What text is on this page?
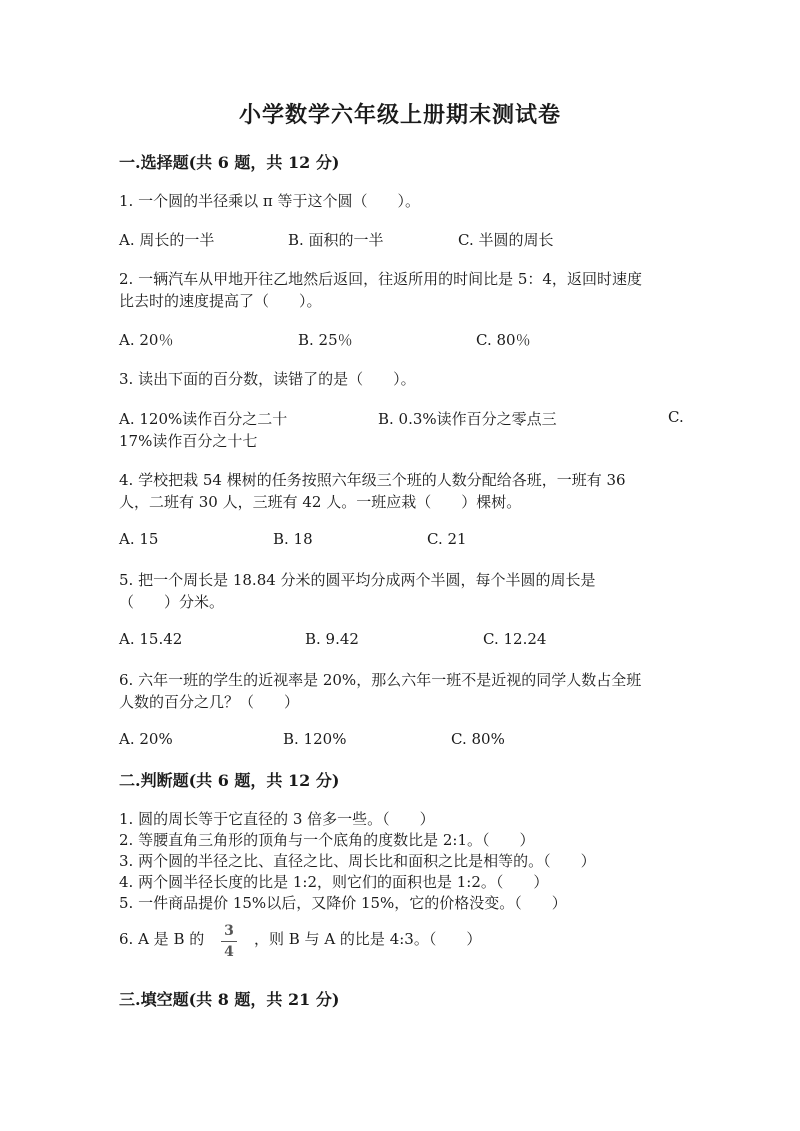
小学数学六年级上册期末测试卷
一.选择题(共 6 题，共 12 分)
1. 一个圆的半径乘以 π 等于这个圆（　　）。
A. 周长的一半	B. 面积的一半	C. 半圆的周长
2. 一辆汽车从甲地开往乙地然后返回，往返所用的时间比是 5：4，返回时速度
比去时的速度提高了（　　）。
A. 20％	B. 25％	C. 80％
3. 读出下面的百分数，读错了的是（　　）。
A. 120%读作百分之二十	B. 0.3%读作百分之零点三	C.
17%读作百分之十七
4. 学校把栽 54 棵树的任务按照六年级三个班的人数分配给各班，一班有 36
人，二班有 30 人，三班有 42 人。一班应栽（　　）棵树。
A. 15	B. 18	C. 21
5. 把一个周长是 18.84 分米的圆平均分成两个半圆，每个半圆的周长是
（　　）分米。
A. 15.42	B. 9.42	C. 12.24
6. 六年一班的学生的近视率是 20%，那么六年一班不是近视的同学人数占全班
人数的百分之几？（　　）
A. 20%	B. 120%	C. 80%
二.判断题(共 6 题，共 12 分)
1. 圆的周长等于它直径的 3 倍多一些。（　　）
2. 等腰直角三角形的顶角与一个底角的度数比是 2:1。（　　）
3. 两个圆的半径之比、直径之比、周长比和面积之比是相等的。（　　）
4. 两个圆半径长度的比是 1:2，则它们的面积也是 1:2。（　　）
5. 一件商品提价 15%以后，又降价 15%，它的价格没变。（　　）
6. A 是 B 的 3
4
，则 B 与 A 的比是 4:3。（　　）
三.填空题(共 8 题，共 21 分)
